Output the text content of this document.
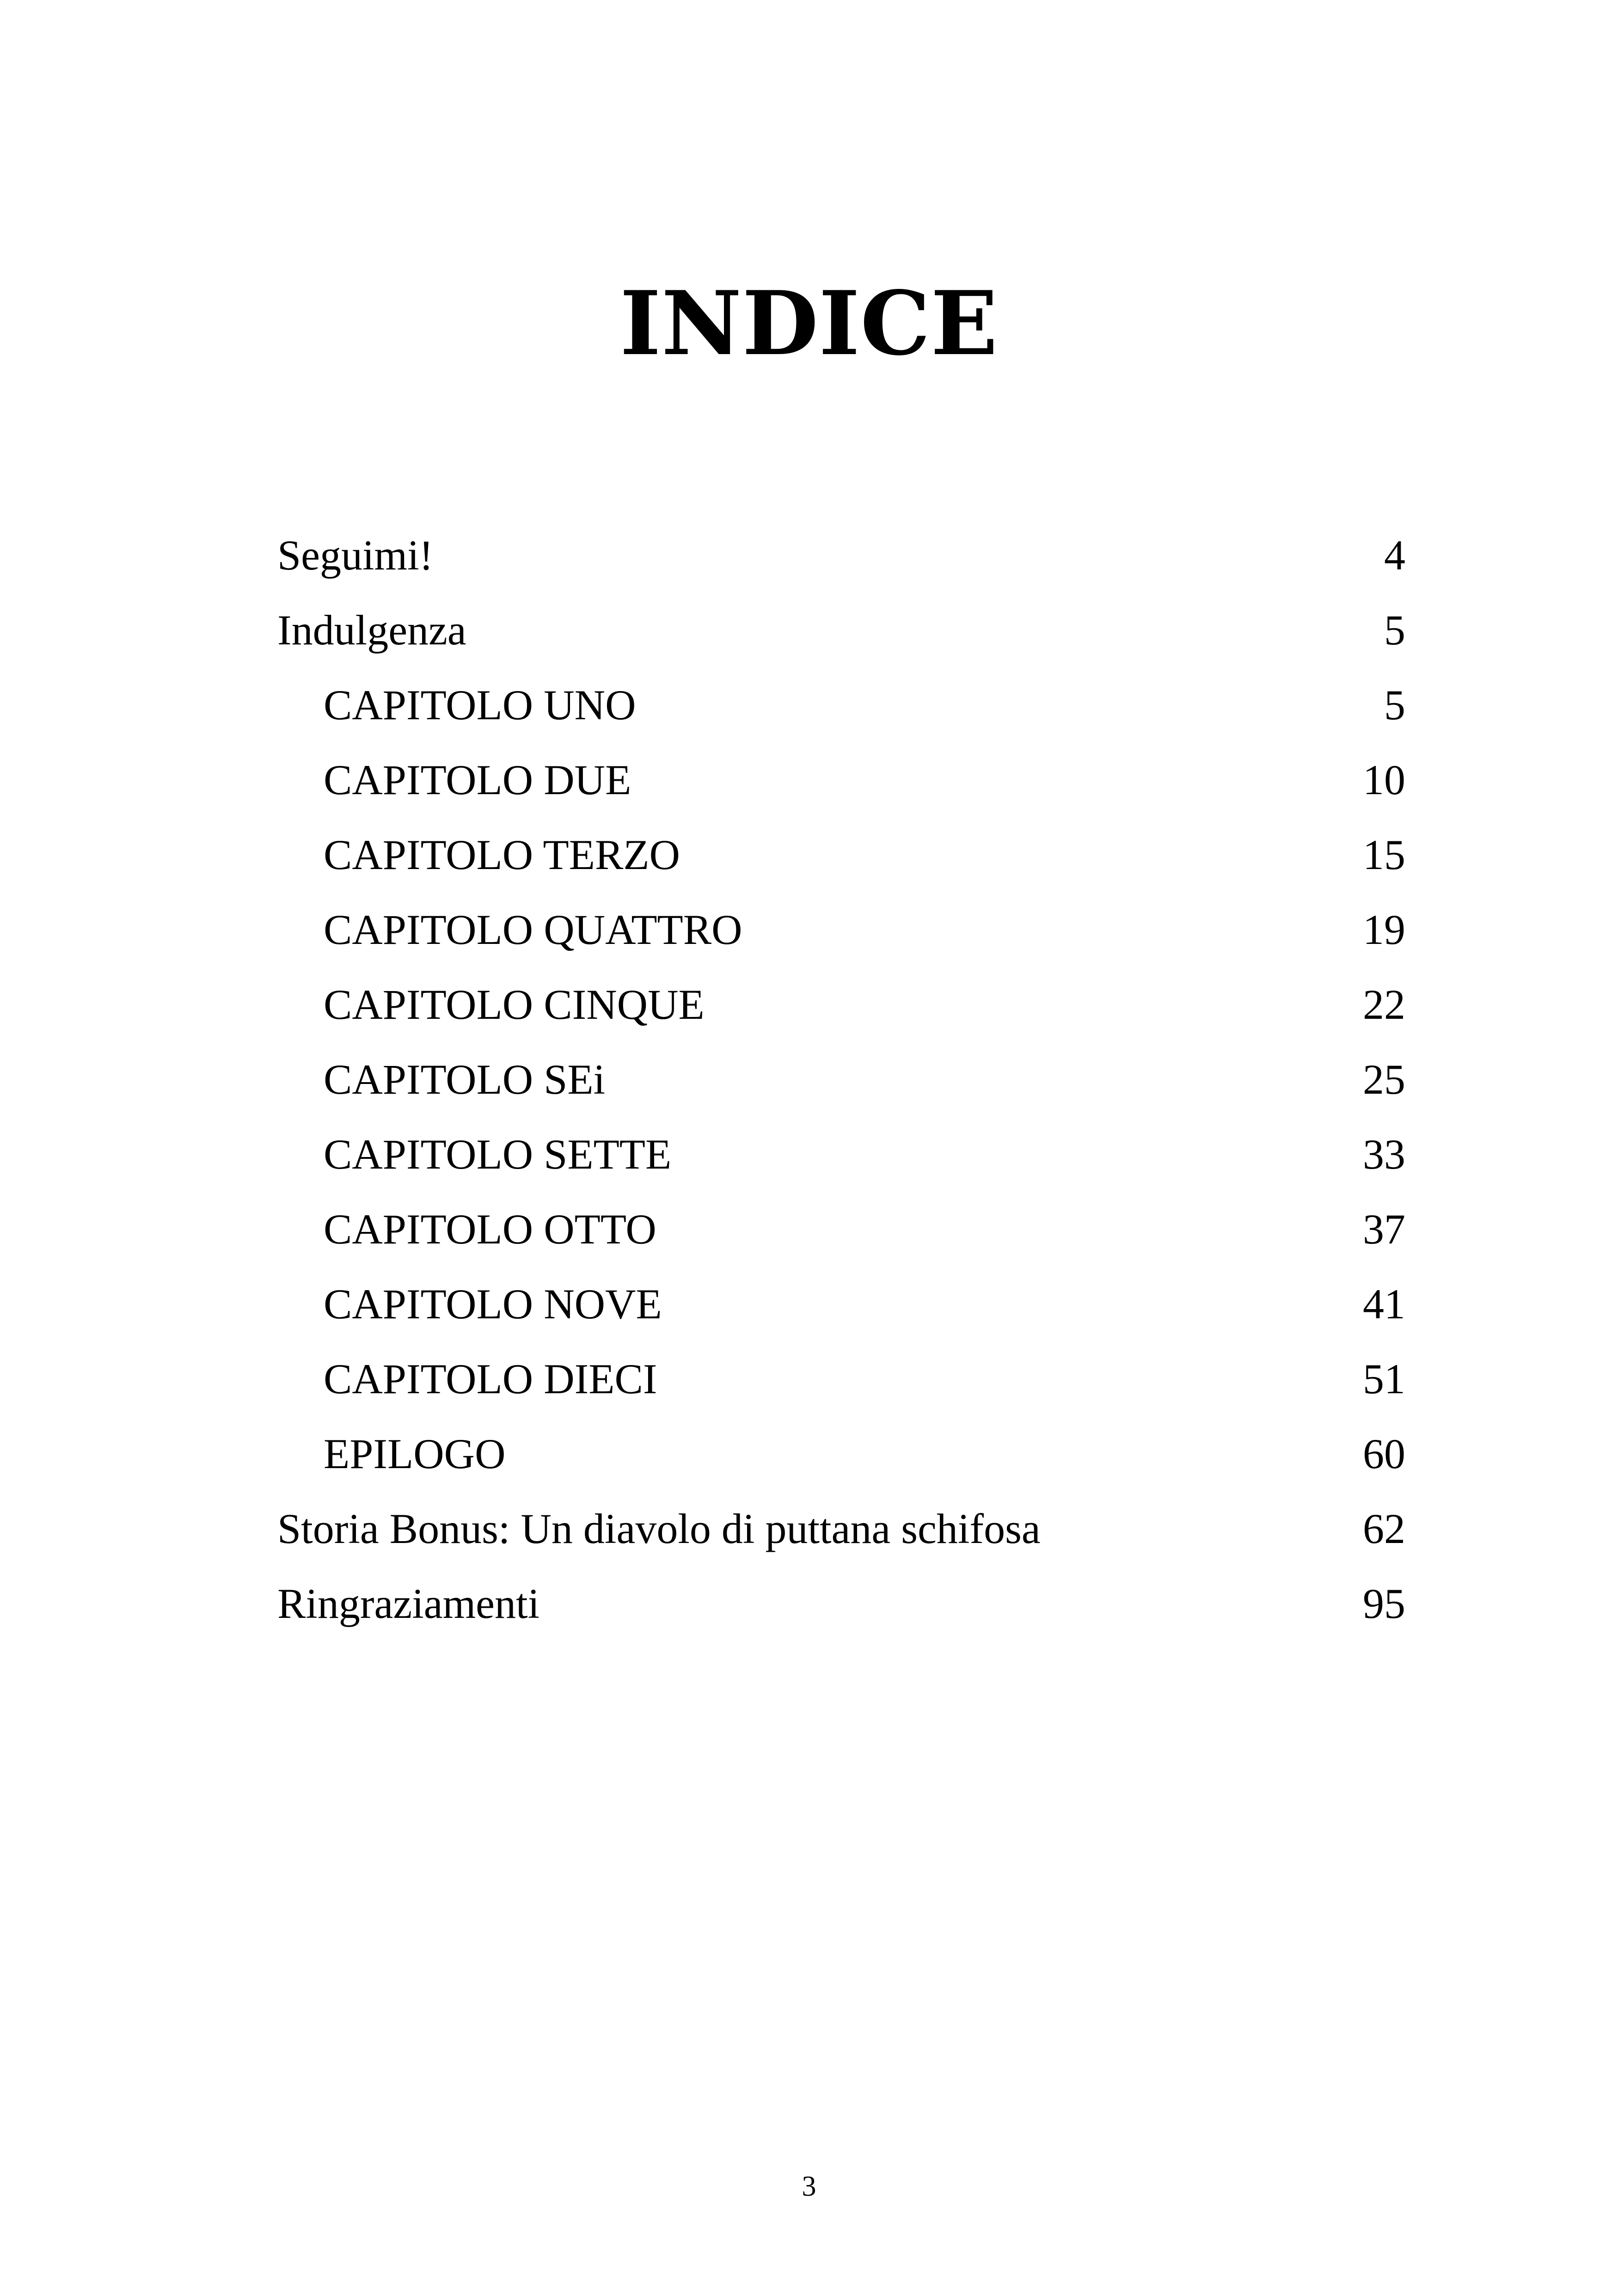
INDICE
Seguimi!	4
Indulgenza	5
CAPITOLO UNO	5
CAPITOLO DUE	10
CAPITOLO TERZO	15
CAPITOLO QUATTRO	19
CAPITOLO CINQUE	22
CAPITOLO SEi	25
CAPITOLO SETTE	33
CAPITOLO OTTO	37
CAPITOLO NOVE	41
CAPITOLO DIECI	51
EPILOGO	60
Storia Bonus: Un diavolo di puttana schifosa	62
Ringraziamenti	95
3
